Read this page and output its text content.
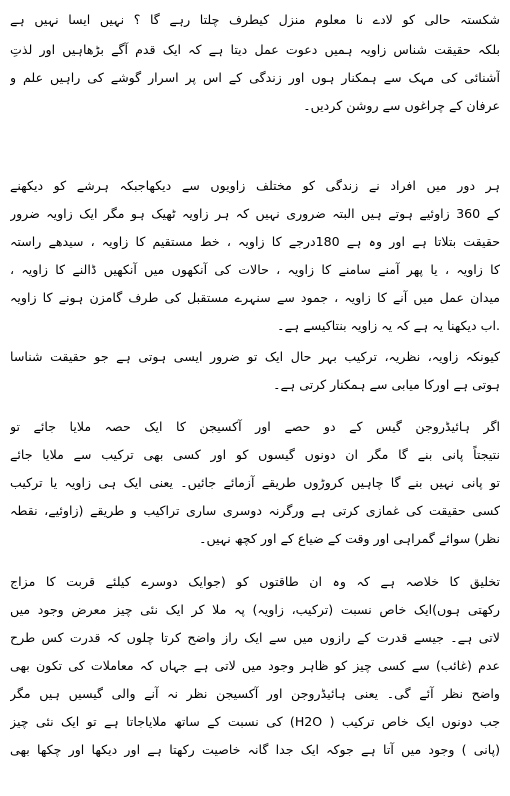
شکستہ حالی کو لادے نا معلوم منزل کیطرف چلتا رہے گا ؟ نہیں ایسا نہیں ہے
بلکہ حقیقت شناس زاویہ ہمیں دعوت عمل دیتا ہے کہ ایک قدم آگے بڑھاہیں اور لذتِ
آشنائی کی مہک سے ہمکنار ہوں اور زندگی کے اس پر اسرار گوشے کی راہیں علم و
عرفان کے چراغوں سے روشن کردیں۔
ہر دور میں افراد نے زندگی کو مختلف زاویوں سے دیکھاجبکہ ہرشے کو دیکھنے
کے 360 زاوئیے ہوتے ہیں البتہ ضروری نہیں کہ ہر زاویہ ٹھیک ہو مگر ایک زاویہ ضرور
حقیقت بتلاتا ہے اور وہ ہے 180درجے کا زاویہ ، خط مستقیم کا زاویہ ، سیدھے راستہ
کا زاویہ ، یا پھر آمنے سامنے کا زاویہ ، حالات کی آنکھوں میں آنکھیں ڈالنے کا زاویہ ،
میدان عمل میں آنے کا زاویہ ، جمود سے سنہرے مستقبل کی طرف گامزن ہونے کا زاویہ
.اب دیکھنا یہ ہے کہ یہ زاویہ بنتاکیسے ہے۔
کیونکہ زاویہ، نظریہ، ترکیب بہر حال ایک تو ضرور ایسی ہوتی ہے جو حقیقت شناسا
ہوتی ہے اورکا میابی سے ہمکنار کرتی ہے۔
اگر ہائیڈروجن گیس کے دو حصے اور آکسیجن کا ایک حصہ ملایا جائے تو
نتیجتاً پانی بنے گا مگر ان دونوں گیسوں کو اور کسی بھی ترکیب سے ملایا جائے
تو پانی نہیں بنے گا چاہیں کروڑوں طریقے آزمائے جائیں۔ یعنی ایک ہی زاویہ یا ترکیب
کسی حقیقت کی غمازی کرتی ہے ورگرنہ دوسری ساری تراکیب و طریقے (زاوئیے، نقطہ
نظر) سوائے گمراہی اور وقت کے ضیاع کے اور کچھ نہیں۔
تخلیق کا خلاصہ ہے کہ وہ ان طاقتوں کو (جوایک دوسرے کیلئے قربت کا مزاج
رکھتی ہوں)ایک خاص نسبت (ترکیب، زاویہ) پہ ملا کر ایک نئی چیز معرض وجود میں
لاتی ہے۔ جیسے قدرت کے رازوں میں سے ایک راز واضح کرتا چلوں کہ قدرت کس طرح
عدم (غائب) سے کسی چیز کو ظاہر وجود میں لاتی ہے جہاں کہ معاملات کی تکون بھی
واضح نظر آئے گی۔ یعنی ہائیڈروجن اور آکسیجن نظر نہ آنے والی گیسیں ہیں مگر
جب دونوں ایک خاص ترکیب ( H2O) کی نسبت کے ساتھ ملایاجاتا ہے تو ایک نئی چیز
(پانی ) وجود میں آتا ہے جوکہ ایک جدا گانہ خاصیت رکھتا ہے اور دیکھا اور چکھا بھی
